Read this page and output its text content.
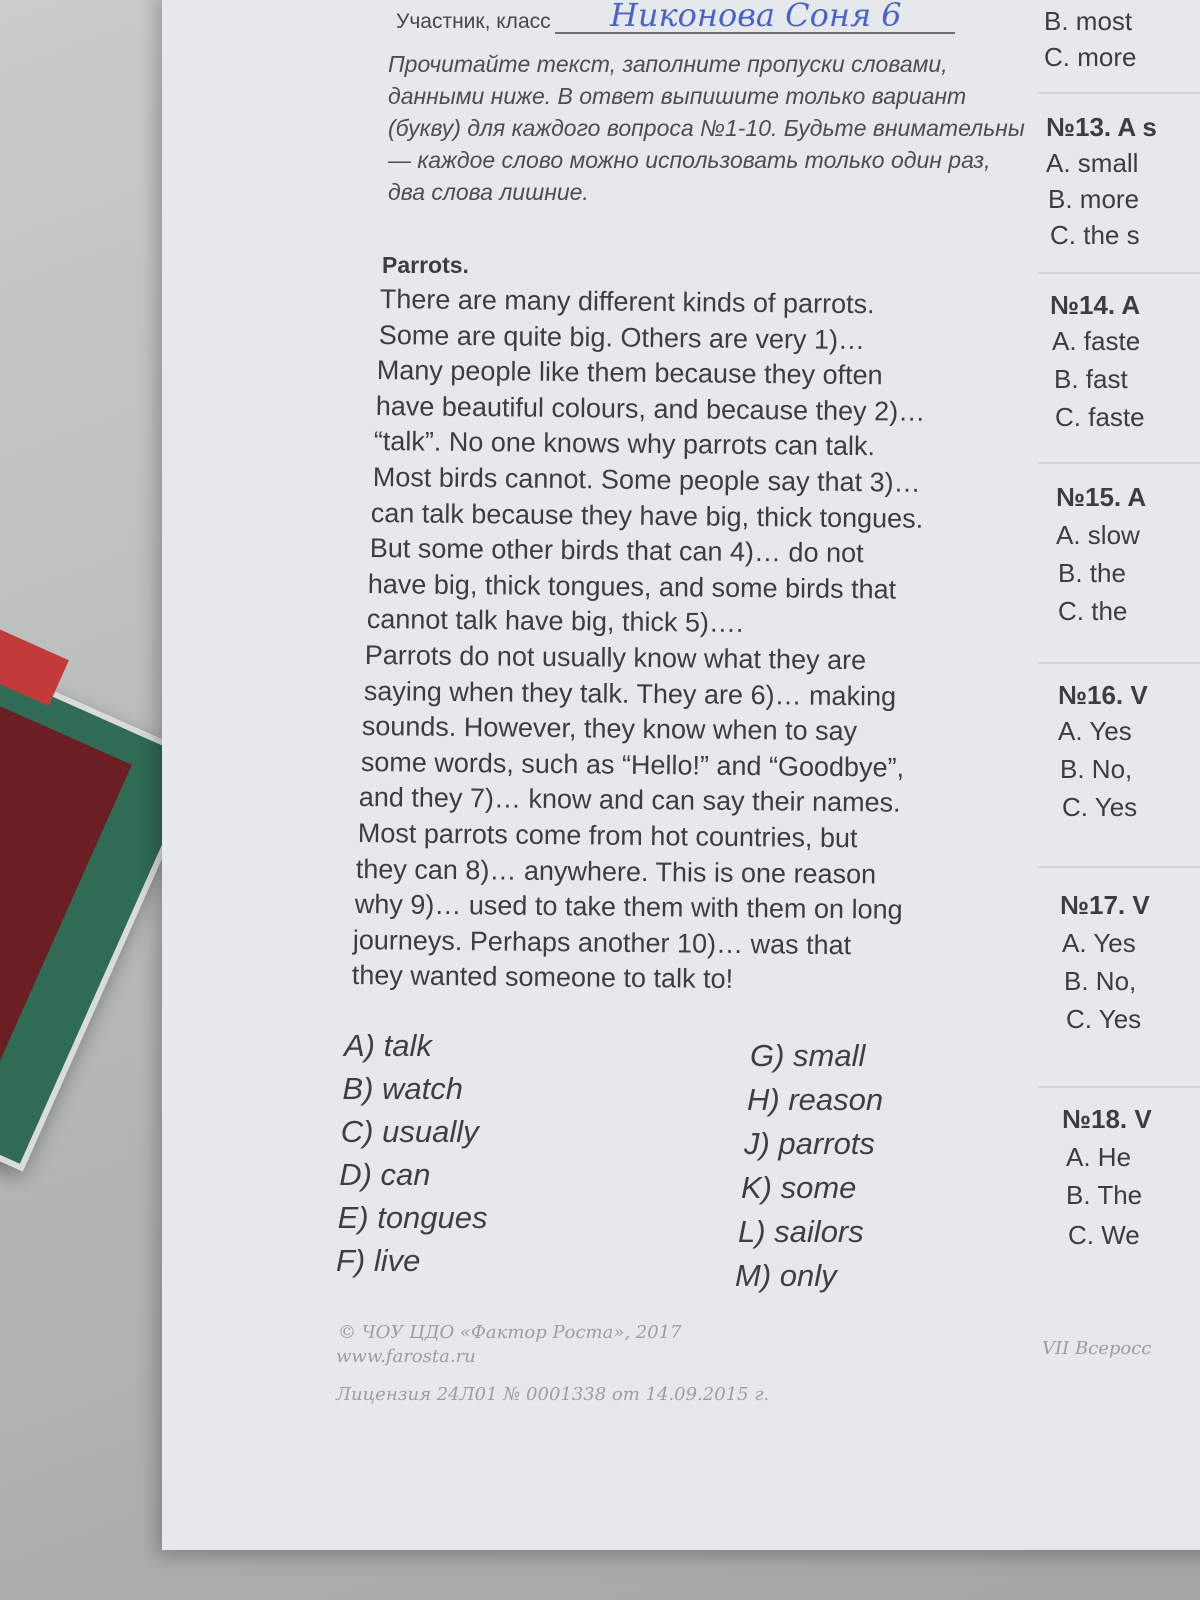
Участник, класс	Никонова Соня 6
Прочитайте текст, заполните пропуски словами, данными ниже. В ответ выпишите только вариант (букву) для каждого вопроса №1-10. Будьте внимательны — каждое слово можно использовать только один раз, два слова лишние.
Parrots.
There are many different kinds of parrots.
Some are quite big. Others are very 1)…
Many people like them because they often
have beautiful colours, and because they 2)…
“talk”. No one knows why parrots can talk.
Most birds cannot. Some people say that 3)…
can talk because they have big, thick tongues.
But some other birds that can 4)… do not
have big, thick tongues, and some birds that
cannot talk have big, thick 5)….
Parrots do not usually know what they are
saying when they talk. They are 6)… making
sounds. However, they know when to say
some words, such as “Hello!” and “Goodbye”,
and they 7)… know and can say their names.
Most parrots come from hot countries, but
they can 8)… anywhere. This is one reason
why 9)… used to take them with them on long
journeys. Perhaps another 10)… was that
they wanted someone to talk to!
A) talk
B) watch
C) usually
D) can
E) tongues
F) live
G) small
H) reason
J) parrots
K) some
L) sailors
M) only
© ЧОУ ЦДО «Фактор Роста», 2017
www.farosta.ru
Лицензия 24Л01 № 0001338 от 14.09.2015 г.
VII Всеросс
B. most
C. more
№13. A s
A. small
B. more
C. the s
№14. A
A. faste
B. fast
C. faste
№15. A
A. slow
B. the
C. the
№16. V
A. Yes
B. No,
C. Yes
№17. V
A. Yes
B. No,
C. Yes
№18. V
A. He
B. The
C. We
